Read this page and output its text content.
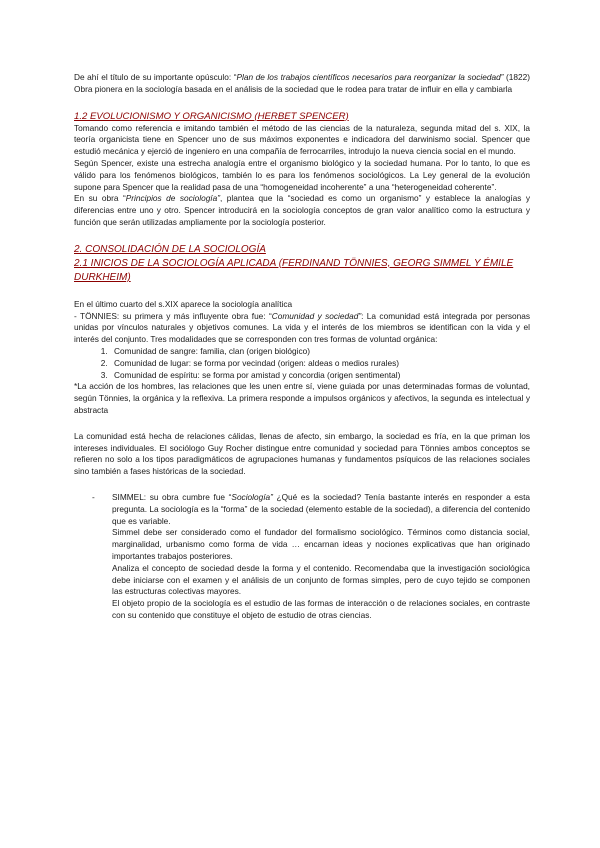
De ahí el título de su importante opúsculo: “Plan de los trabajos científicos necesarios para reorganizar la sociedad” (1822) Obra pionera en la sociología basada en el análisis de la sociedad que le rodea para tratar de influir en ella y cambiarla

1.2 EVOLUCIONISMO Y ORGANICISMO (HERBET SPENCER)

Tomando como referencia e imitando también el método de las ciencias de la naturaleza, segunda mitad del s. XIX, la teoría organicista tiene en Spencer uno de sus máximos exponentes e indicadora del darwinismo social. Spencer que estudió mecánica y ejerció de ingeniero en una compañía de ferrocarriles, introdujo la nueva ciencia social en el mundo.

Según Spencer, existe una estrecha analogía entre el organismo biológico y la sociedad humana. Por lo tanto, lo que es válido para los fenómenos biológicos, también lo es para los fenómenos sociológicos. La Ley general de la evolución supone para Spencer que la realidad pasa de una “homogeneidad incoherente” a una “heterogeneidad coherente”.

En su obra “Principios de sociología”, plantea que la “sociedad es como un organismo” y establece la analogías y diferencias entre uno y otro. Spencer introducirá en la sociología conceptos de gran valor analítico como la estructura y función que serán utilizadas ampliamente por la sociología posterior.

2. CONSOLIDACIÓN DE LA SOCIOLOGÍA
2.1 INICIOS DE LA SOCIOLOGÍA APLICADA (FERDINAND TÖNNIES, GEORG SIMMEL Y ÉMILE DURKHEIM)

En el último cuarto del s.XIX aparece la sociología analítica

- TÖNNIES: su primera y más influyente obra fue: “Comunidad y sociedad”: La comunidad está integrada por personas unidas por vínculos naturales y objetivos comunes. La vida y el interés de los miembros se identifican con la vida y el interés del conjunto. Tres modalidades que se corresponden con tres formas de voluntad orgánica:

1. Comunidad de sangre: familia, clan (origen biológico)
2. Comunidad de lugar: se forma por vecindad (origen: aldeas o medios rurales)
3. Comunidad de espíritu: se forma por amistad y concordia (origen sentimental)

*La acción de los hombres, las relaciones que les unen entre sí, viene guiada por unas determinadas formas de voluntad, según Tönnies, la orgánica y la reflexiva. La primera responde a impulsos orgánicos y afectivos, la segunda es intelectual y abstracta

La comunidad está hecha de relaciones cálidas, llenas de afecto, sin embargo, la sociedad es fría, en la que priman los intereses individuales. El sociólogo Guy Rocher distingue entre comunidad y sociedad para Tönnies ambos conceptos se refieren no solo a los tipos paradigmáticos de agrupaciones humanas y fundamentos psíquicos de las relaciones sociales sino también a fases históricas de la sociedad.

- SIMMEL: su obra cumbre fue “Sociología” ¿Qué es la sociedad? Tenía bastante interés en responder a esta pregunta. La sociología es la “forma” de la sociedad (elemento estable de la sociedad), a diferencia del contenido que es variable.

Simmel debe ser considerado como el fundador del formalismo sociológico. Términos como distancia social, marginalidad, urbanismo como forma de vida … encarnan ideas y nociones explicativas que han originado importantes trabajos posteriores.

Analiza el concepto de sociedad desde la forma y el contenido. Recomendaba que la investigación sociológica debe iniciarse con el examen y el análisis de un conjunto de formas simples, pero de cuyo tejido se componen las estructuras colectivas mayores.

El objeto propio de la sociología es el estudio de las formas de interacción o de relaciones sociales, en contraste con su contenido que constituye el objeto de estudio de otras ciencias.
